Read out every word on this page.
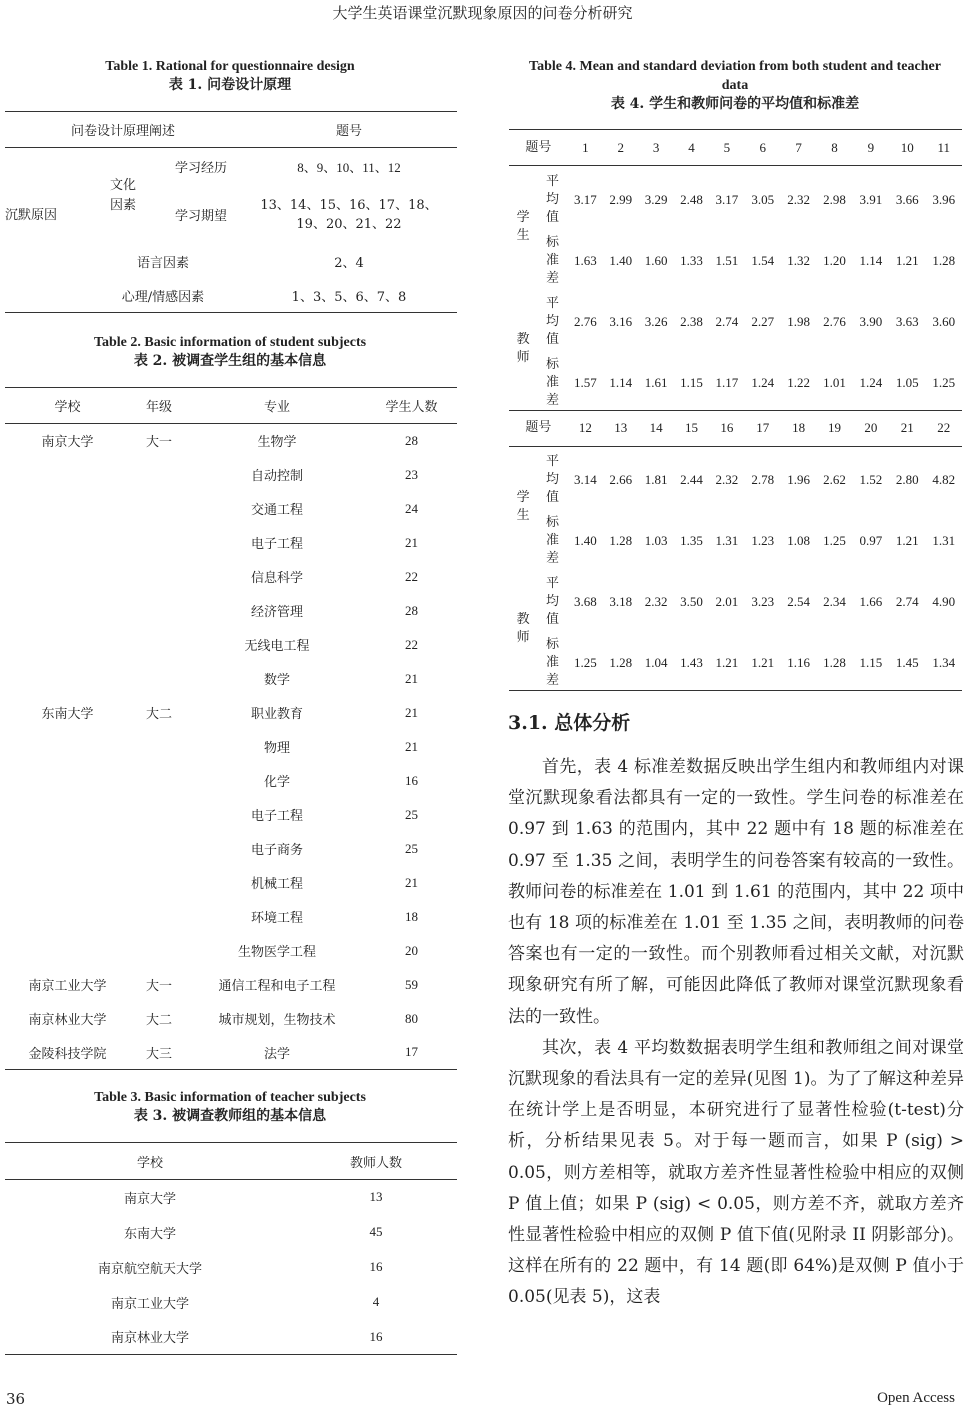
大学生英语课堂沉默现象原因的问卷分析研究
Table 1. Rational for questionnaire design
表 1. 问卷设计原理
问卷设计原理阐述			题号
沉默原因	文化因素	学习经历	8、9、10、11、12
		学习期望	13、14、15、16、17、18、19、20、21、22
	语言因素		2、4
	心理/情感因素		1、3、5、6、7、8
Table 2. Basic information of student subjects
表 2. 被调查学生组的基本信息
学校	年级	专业	学生人数
南京大学	大一	生物学	28
		自动控制	23
		交通工程	24
		电子工程	21
		信息科学	22
		经济管理	28
		无线电工程	22
		数学	21
东南大学	大二	职业教育	21
		物理	21
		化学	16
		电子工程	25
		电子商务	25
		机械工程	21
		环境工程	18
		生物医学工程	20
南京工业大学	大一	通信工程和电子工程	59
南京林业大学	大二	城市规划，生物技术	80
金陵科技学院	大三	法学	17
Table 3. Basic information of teacher subjects
表 3. 被调查教师组的基本信息
学校	教师人数
南京大学	13
东南大学	45
南京航空航天大学	16
南京工业大学	4
南京林业大学	16
Table 4. Mean and standard deviation from both student and teacher data
表 4. 学生和教师问卷的平均值和标准差
题号		1	2	3	4	5	6	7	8	9	10	11
学生	平均值	3.17	2.99	3.29	2.48	3.17	3.05	2.32	2.98	3.91	3.66	3.96
	标准差	1.63	1.40	1.60	1.33	1.51	1.54	1.32	1.20	1.14	1.21	1.28
教师	平均值	2.76	3.16	3.26	2.38	2.74	2.27	1.98	2.76	3.90	3.63	3.60
	标准差	1.57	1.14	1.61	1.15	1.17	1.24	1.22	1.01	1.24	1.05	1.25
题号		12	13	14	15	16	17	18	19	20	21	22
学生	平均值	3.14	2.66	1.81	2.44	2.32	2.78	1.96	2.62	1.52	2.80	4.82
	标准差	1.40	1.28	1.03	1.35	1.31	1.23	1.08	1.25	0.97	1.21	1.31
教师	平均值	3.68	3.18	2.32	3.50	2.01	3.23	2.54	2.34	1.66	2.74	4.90
	标准差	1.25	1.28	1.04	1.43	1.21	1.21	1.16	1.28	1.15	1.45	1.34
3.1. 总体分析

首先，表 4 标准差数据反映出学生组内和教师组内对课堂沉默现象看法都具有一定的一致性。学生问卷的标准差在 0.97 到 1.63 的范围内，其中 22 题中有 18 题的标准差在 0.97 至 1.35 之间，表明学生的问卷答案有较高的一致性。教师问卷的标准差在 1.01 到 1.61 的范围内，其中 22 项中也有 18 项的标准差在 1.01 至 1.35 之间，表明教师的问卷答案也有一定的一致性。而个别教师看过相关文献，对沉默现象研究有所了解，可能因此降低了教师对课堂沉默现象看法的一致性。

其次，表 4 平均数数据表明学生组和教师组之间对课堂沉默现象的看法具有一定的差异(见图 1)。为了了解这种差异在统计学上是否明显，本研究进行了显著性检验(t-test)分析，分析结果见表 5。对于每一题而言，如果 P (sig) > 0.05，则方差相等，就取方差齐性显著性检验中相应的双侧 P 值上值；如果 P (sig) < 0.05，则方差不齐，就取方差齐性显著性检验中相应的双侧 P 值下值(见附录 II 阴影部分)。这样在所有的 22 题中，有 14 题(即 64%)是双侧 P 值小于 0.05(见表 5)，这表

36	Open Access
